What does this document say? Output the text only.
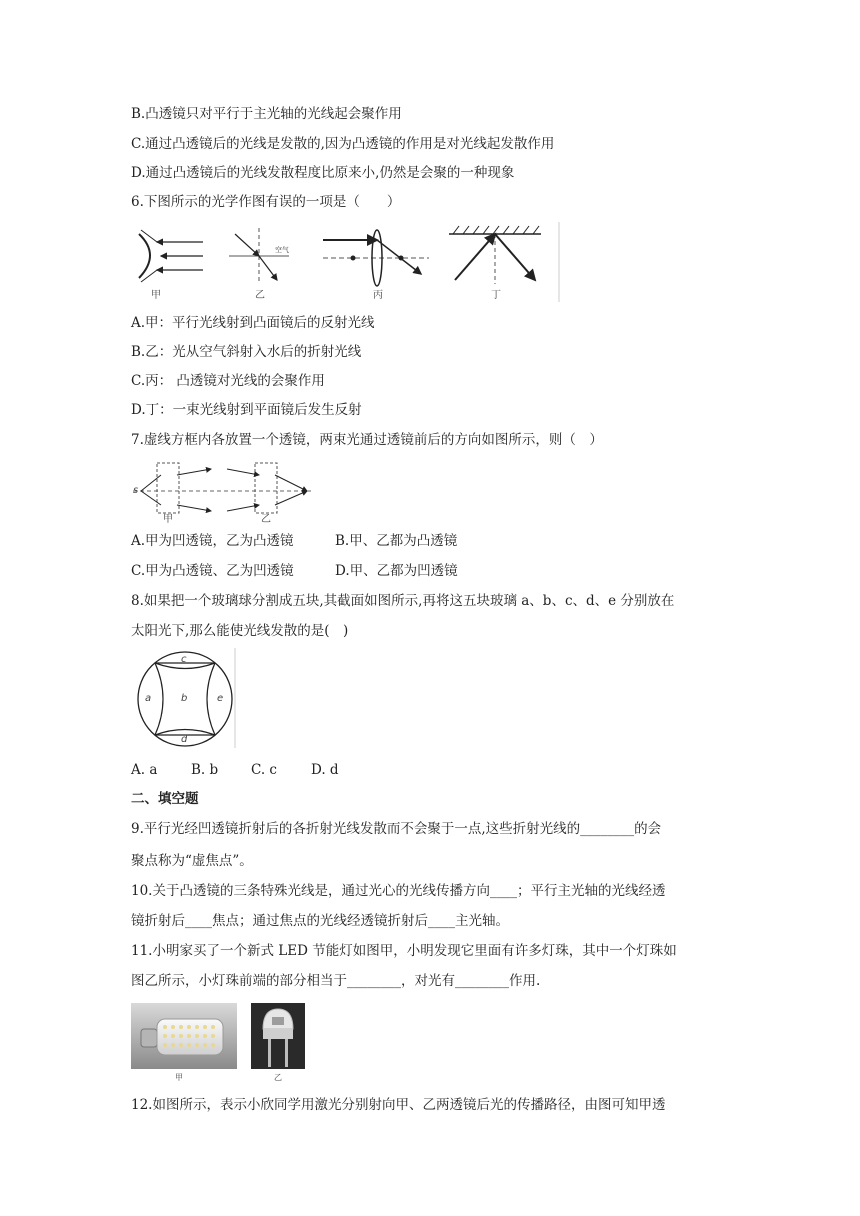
B.凸透镜只对平行于主光轴的光线起会聚作用
C.通过凸透镜后的光线是发散的,因为凸透镜的作用是对光线起发散作用
D.通过凸透镜后的光线发散程度比原来小,仍然是会聚的一种现象
6.下图所示的光学作图有误的一项是（　　）
甲
空气
乙	丙	丁
A.甲：平行光线射到凸面镜后的反射光线
B.乙：光从空气斜射入水后的折射光线
C.丙： 凸透镜对光线的会聚作用
D.丁：一束光线射到平面镜后发生反射
7.虚线方框内各放置一个透镜，两束光通过透镜前后的方向如图所示，则（　）
s
甲	乙
A.甲为凹透镜，乙为凸透镜	B.甲、乙都为凸透镜
C.甲为凸透镜、乙为凹透镜	D.甲、乙都为凹透镜
8.如果把一个玻璃球分割成五块,其截面如图所示,再将这五块玻璃 a、b、c、d、e 分别放在
太阳光下,那么能使光线发散的是(　)
c
a	b	e
d
A. a B. b C. c	D. d
二、填空题
9.平行光经凹透镜折射后的各折射光线发散而不会聚于一点,这些折射光线的________的会
聚点称为“虚焦点”。
10.关于凸透镜的三条特殊光线是，通过光心的光线传播方向____；平行主光轴的光线经透
镜折射后____焦点；通过焦点的光线经透镜折射后____主光轴。
11.小明家买了一个新式 LED 节能灯如图甲，小明发现它里面有许多灯珠，其中一个灯珠如
图乙所示，小灯珠前端的部分相当于________，对光有________作用.
甲	乙
12.如图所示，表示小欣同学用激光分别射向甲、乙两透镜后光的传播路径，由图可知甲透
